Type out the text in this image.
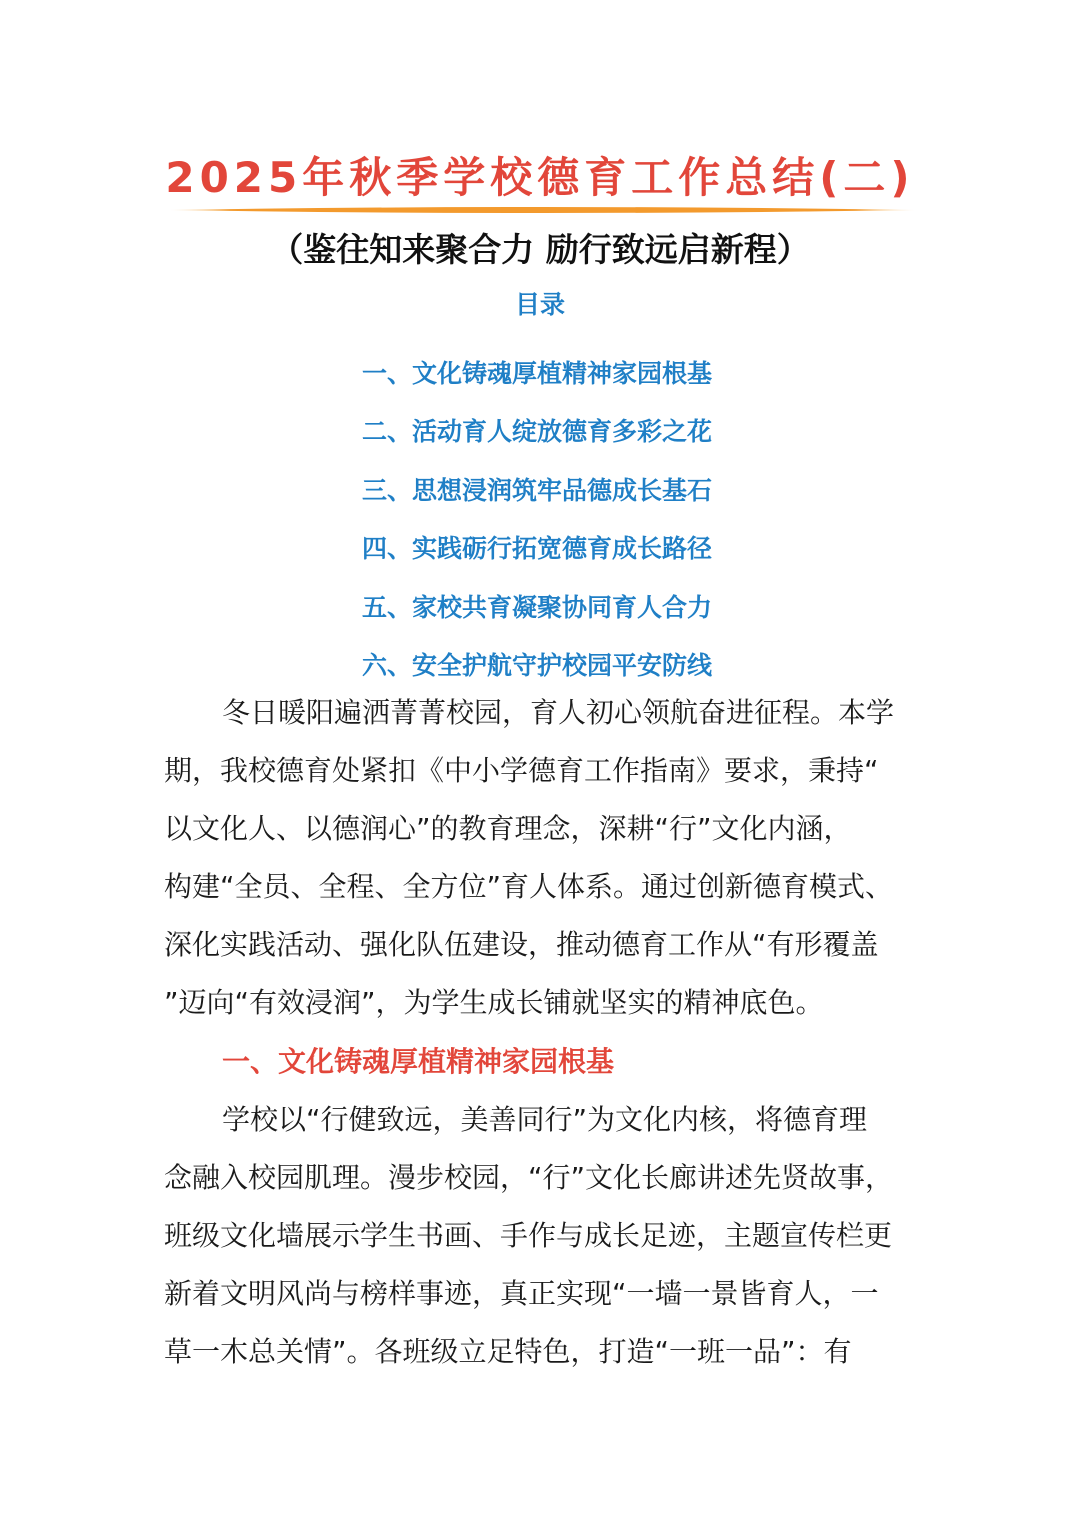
2025年秋季学校德育工作总结(二)
（鉴往知来聚合力 励行致远启新程）
目录
一、文化铸魂厚植精神家园根基
二、活动育人绽放德育多彩之花
三、思想浸润筑牢品德成长基石
四、实践砺行拓宽德育成长路径
五、家校共育凝聚协同育人合力
六、安全护航守护校园平安防线
冬日暖阳遍洒菁菁校园，育人初心领航奋进征程。本学
期，我校德育处紧扣《中小学德育工作指南》要求，秉持“
以文化人、以德润心”的教育理念，深耕“行”文化内涵，
构建“全员、全程、全方位”育人体系。通过创新德育模式、
深化实践活动、强化队伍建设，推动德育工作从“有形覆盖
”迈向“有效浸润”，为学生成长铺就坚实的精神底色。
一、文化铸魂厚植精神家园根基
学校以“行健致远，美善同行”为文化内核，将德育理
念融入校园肌理。漫步校园，“行”文化长廊讲述先贤故事，
班级文化墙展示学生书画、手作与成长足迹，主题宣传栏更
新着文明风尚与榜样事迹，真正实现“一墙一景皆育人，一
草一木总关情”。各班级立足特色，打造“一班一品”：有
